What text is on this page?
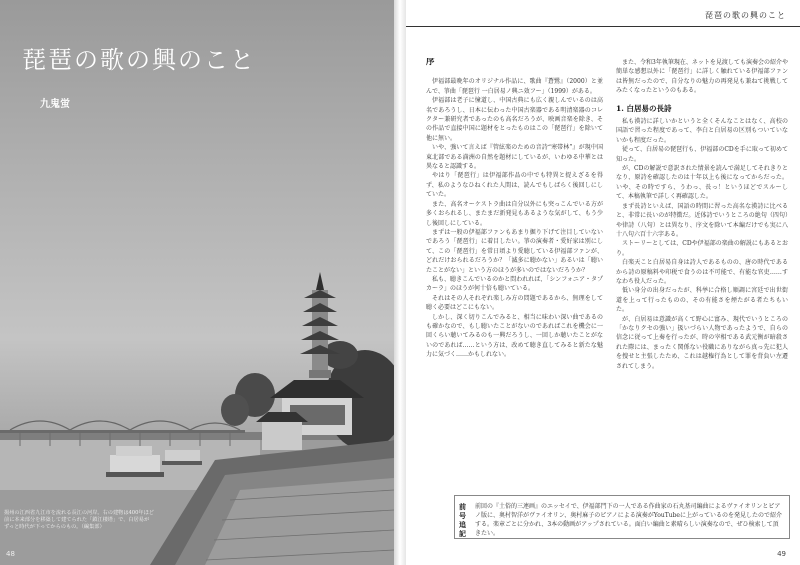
琵琶の歌の興のこと
九鬼蛍
揚州の江西省九江市を流れる長江の河岸。右の建物は400年ほど前に本来部分を移築して建てられた「鎖江楼塔」で、白居易がずっと時代が下ってからのもの。（編集部）
48
琵琶の歌の興のこと
序

伊福部最晩年のオリジナル作品に、歌曲『蒼鷺』（2000）と並んで、箏曲「琵琶行 一白居易ノ興ニ效フー」（1999）がある。

伊福部は老子に憧道し、中国古典にも広く親しんでいるのは高名であろうし、日本に伝わった中国古楽器である明清楽器のコレクター兼研究者であったのも高名だろうが、映画音楽を除き、その作品で直接中国に題材をとったものはこの「琵琶行」を除いて他に無い。

いや、強いて言えば『管絃楽のための音詩“寒帯林”』が現中国東北部である満洲の自然を題材にしているが、いわゆる中華とは異なると認識する。

やはり「琵琶行」は伊福部作品の中でも特異と捉えざるを得ず、私のようなひねくれた人間は、読んでもしばらく後回しにしていた。

また、高名オーケストラ曲は自分以外にも突っこんでいる方が多くおられるし、またまだ新発見もあるような気がして、もう少し後回しにしている。

まずは一般の伊福部ファンもあまり掘り下げて注目していないであろう「琵琶行」に着目したい。箏の演奏者・愛好家は別にして、この「琵琶行」を常日頃より愛聴している伊福部ファンが、どれだけおられるだろうか？「滅多に聴かない」あるいは「聴いたことがない」という方のほうが多いのではないだろうか？

私も、聴きこんでいるのかと問われれば、「シンフォニア・タプカーラ」のほうが何十倍も聴いている。

それはその人それぞれ楽しみ方の問題であるから、無理をして聴く必要はどこにもない。

しかし、深く切りこんでみると、相当に味わい深い曲であるのも確かなので、もし聴いたことがないのであればこれを機会に一回くらい聴いてみるのも一興だろうし、一回しか聴いたことがないのであれば……という方は、改めて聴き直してみると新たな魅力に気づく……かもしれない。

また、令和3年執筆現在、ネットを見渡しても演奏会の紹介や簡単な感想以外に「琵琶行」に詳しく触れている伊福部ファンは皆無だったので、自分なりの魅力の再発見も兼ねて挑戦してみたくなったというのもある。

1. 白居易の長詩

私も漢詩に詳しいかというと全くそんなことはなく、高校の国語で習った程度であって、李白と白居易の区別もついていないかも程度だった。

従って、白居易の琵琶行も、伊福部のCDを手に取って初めて知った。

が、CDの解説で意訳された情景を読んで満足してそれきりとなり、原詩を確認したのは十年以上も後になってからだった。いや、その時ですら、うわっ、長っ！というほどでスルーして、本稿執筆で詳しく再確認した。

まず長詩といえば、国語の時間に習った高名な漢詩に比べると、非常に長いのが特徴だ。近体詩でいうところの絶句（四句）や律詩（八句）とは異なり、序文を除いて本編だけでも実に八十八句六百十六字ある。

ストーリーとしては、CDや伊福部の楽曲の解説にもあるとおり。

白楽天こと白居易自身は詩人であるものの、唐の時代であるから詩の原稿料や印税で食うのは不可能で、有能な官吏……すなわち役人だった。

低い身分の出身だったが、科挙に合格し順調に宮廷で出世街道を上って行ったものの、その有能さを煙たがる者たちもいた。

が、白居易は意識が高くて野心に富み、現代でいうところの「かなりクセの強い」扱いづらい人物であったようで、自らの信念に従って上奏を行ったが、時の宰相である武元衡が暗殺された際には、まったく関係ない役職にありながら真っ先に犯人を捜せと主張したため、これは越権行為として罪を背負い左遷されてしまう。

前号追記
前回の『土俗的三連画』のエッセイで、伊福部門下の一人である作曲家の石丸基司編曲によるヴァイオリンとピアノ版に、奥村智洋がヴァイオリン、奥村麻子のピアノによる演奏がYouTubeに上がっているのを発見したので紹介する。楽章ごとに分かれ、3本の動画がアップされている。面白い編曲と素晴らしい演奏なので、ぜひ検索して頂きたい。
49
